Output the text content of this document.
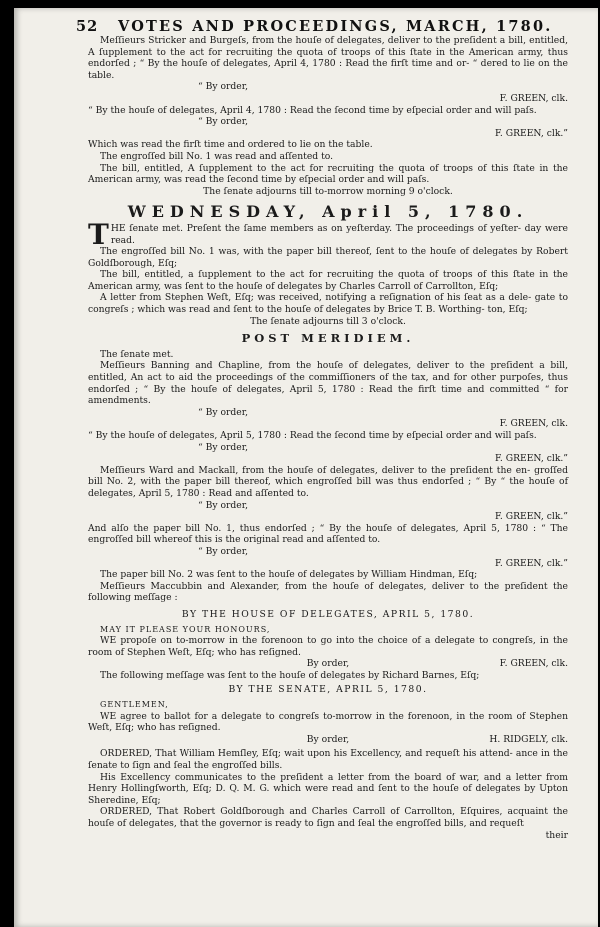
52 VOTES AND PROCEEDINGS, MARCH, 1780.

Meſſieurs Stricker and Burgeſs, from the houſe of delegates, deliver to the preſident a bill, entitled, A ſupplement to the act for recruiting the quota of troops of this ſtate in the American army, thus endorſed ; “ By the houſe of delegates, April 4, 1780 : Read the firſt time and or- “ dered to lie on the table.

“ By order,

F. GREEN, clk.

“ By the houſe of delegates, April 4, 1780 : Read the ſecond time by eſpecial order and will paſs.

“ By order,

F. GREEN, clk.”

Which was read the firſt time and ordered to lie on the table.

The engroſſed bill No. 1 was read and aſſented to.

The bill, entitled, A ſupplement to the act for recruiting the quota of troops of this ſtate in the American army, was read the ſecond time by eſpecial order and will paſs.

The ſenate adjourns till to-morrow morning 9 o'clock.

WEDNESDAY, April 5, 1780.

THE ſenate met. Preſent the ſame members as on yeſterday. The proceedings of yeſter- day were read.

The engroſſed bill No. 1 was, with the paper bill thereof, ſent to the houſe of delegates by Robert Goldſborough, Eſq;

The bill, entitled, a ſupplement to the act for recruiting the quota of troops of this ſtate in the American army, was ſent to the houſe of delegates by Charles Carroll of Carrollton, Eſq;

A letter from Stephen Weſt, Eſq; was received, notifying a reſignation of his ſeat as a dele- gate to congreſs ; which was read and ſent to the houſe of delegates by Brice T. B. Worthing- ton, Eſq;

The ſenate adjourns till 3 o'clock.

POST MERIDIEM.

The ſenate met.

Meſſieurs Banning and Chapline, from the houſe of delegates, deliver to the preſident a bill, entitled, An act to aid the proceedings of the commiſſioners of the tax, and for other purpoſes, thus endorſed ; “ By the houſe of delegates, April 5, 1780 : Read the firſt time and committed “ for amendments.

“ By order,

F. GREEN, clk.

“ By the houſe of delegates, April 5, 1780 : Read the ſecond time by eſpecial order and will paſs.

“ By order,

F. GREEN, clk.”

Meſſieurs Ward and Mackall, from the houſe of delegates, deliver to the preſident the en- groſſed bill No. 2, with the paper bill thereof, which engroſſed bill was thus endorſed ; “ By “ the houſe of delegates, April 5, 1780 : Read and aſſented to.

“ By order,

F. GREEN, clk.”

And alſo the paper bill No. 1, thus endorſed ; “ By the houſe of delegates, April 5, 1780 : “ The engroſſed bill whereof this is the original read and aſſented to.

“ By order,

F. GREEN, clk.”

The paper bill No. 2 was ſent to the houſe of delegates by William Hindman, Eſq;

Meſſieurs Maccubbin and Alexander, from the houſe of delegates, deliver to the preſident the following meſſage :

BY THE HOUSE OF DELEGATES, APRIL 5, 1780.

MAY IT PLEASE YOUR HONOURS,

WE propoſe on to-morrow in the forenoon to go into the choice of a delegate to congreſs, in the room of Stephen Weſt, Eſq; who has reſigned.

By order,	F. GREEN, clk.

The following meſſage was ſent to the houſe of delegates by Richard Barnes, Eſq;

BY THE SENATE, APRIL 5, 1780.

GENTLEMEN,

WE agree to ballot for a delegate to congreſs to-morrow in the forenoon, in the room of Stephen Weſt, Eſq; who has reſigned.

By order,	H. RIDGELY, clk.

ORDERED, That William Hemſley, Eſq; wait upon his Excellency, and requeſt his attend- ance in the ſenate to ſign and ſeal the engroſſed bills.

His Excellency communicates to the preſident a letter from the board of war, and a letter from Henry Hollingſworth, Eſq; D. Q. M. G. which were read and ſent to the houſe of delegates by Upton Sheredine, Eſq;

ORDERED, That Robert Goldſborough and Charles Carroll of Carrollton, Eſquires, acquaint the houſe of delegates, that the governor is ready to ſign and ſeal the engroſſed bills, and requeſt

their
